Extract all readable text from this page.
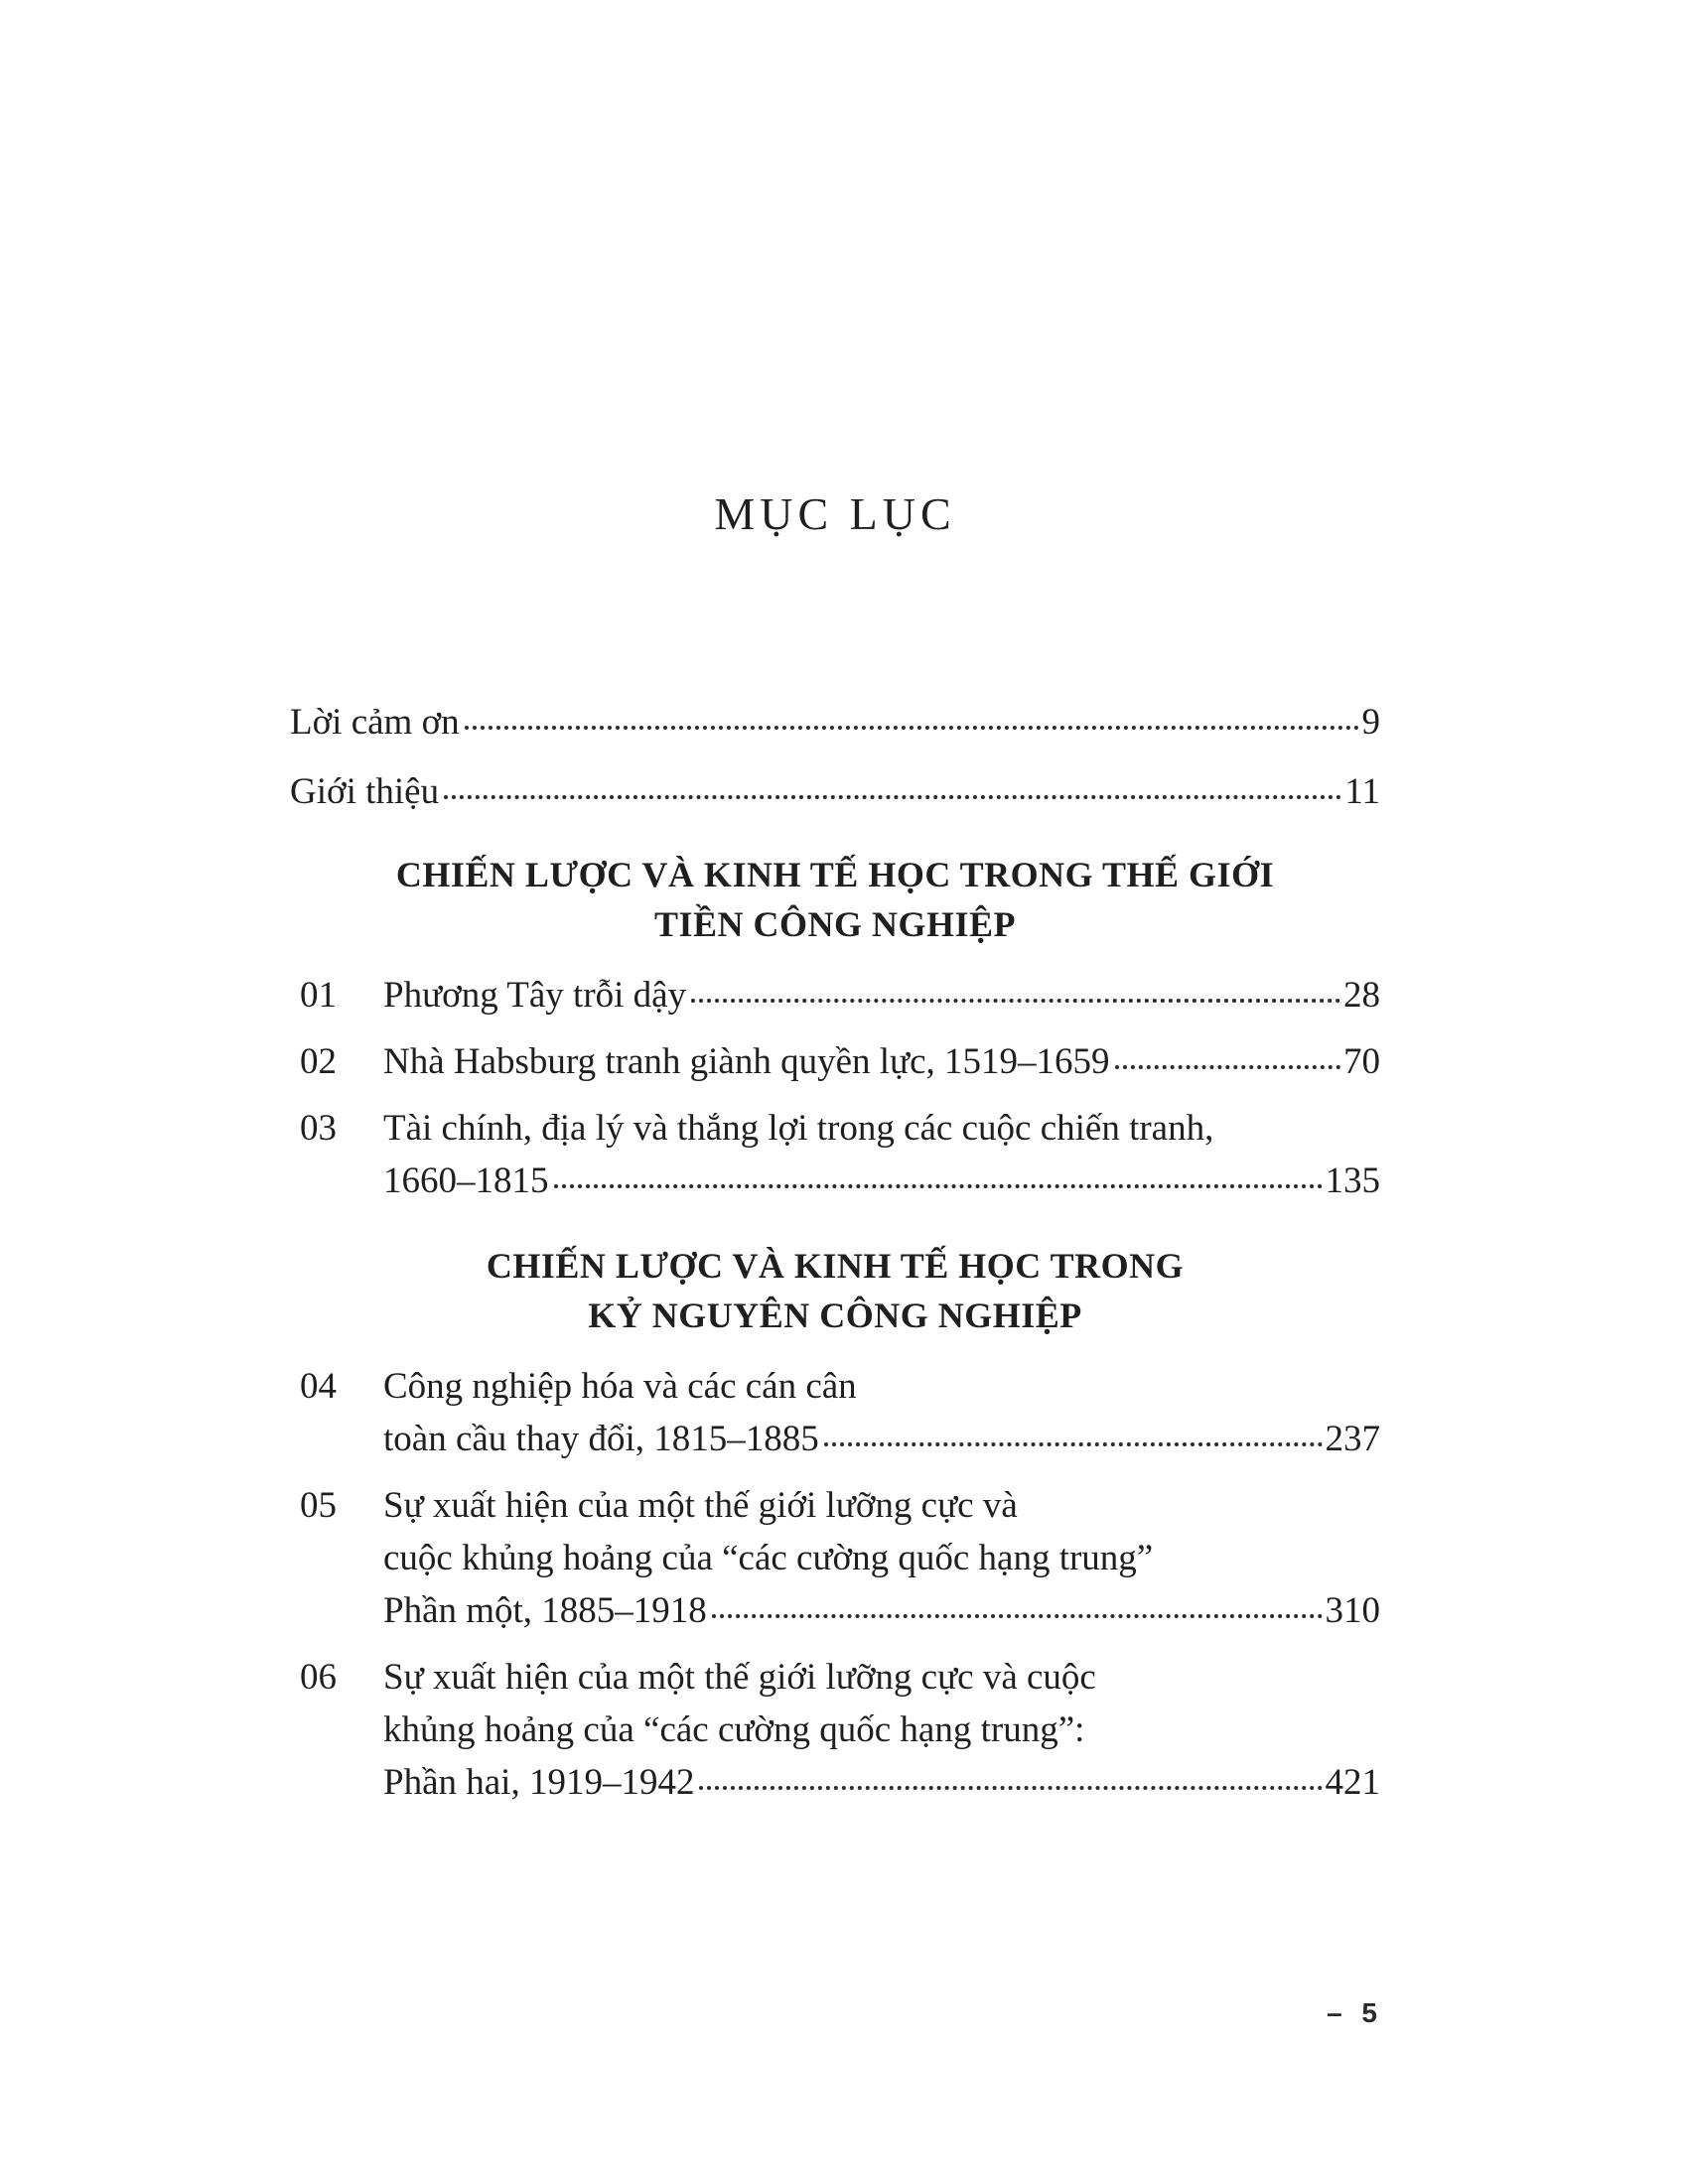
MỤC LỤC
Lời cảm ơn	9
Giới thiệu	11
CHIẾN LƯỢC VÀ KINH TẾ HỌC TRONG THẾ GIỚI
TIỀN CÔNG NGHIỆP
01	Phương Tây trỗi dậy	28
02	Nhà Habsburg tranh giành quyền lực, 1519–1659	70
03	Tài chính, địa lý và thắng lợi trong các cuộc chiến tranh,
1660–1815	135
CHIẾN LƯỢC VÀ KINH TẾ HỌC TRONG
KỶ NGUYÊN CÔNG NGHIỆP
04	Công nghiệp hóa và các cán cân
toàn cầu thay đổi, 1815–1885	237
05	Sự xuất hiện của một thế giới lưỡng cực và
cuộc khủng hoảng của “các cường quốc hạng trung”
Phần một, 1885–1918	310
06	Sự xuất hiện của một thế giới lưỡng cực và cuộc
khủng hoảng của “các cường quốc hạng trung”:
Phần hai, 1919–1942	421
– 5
